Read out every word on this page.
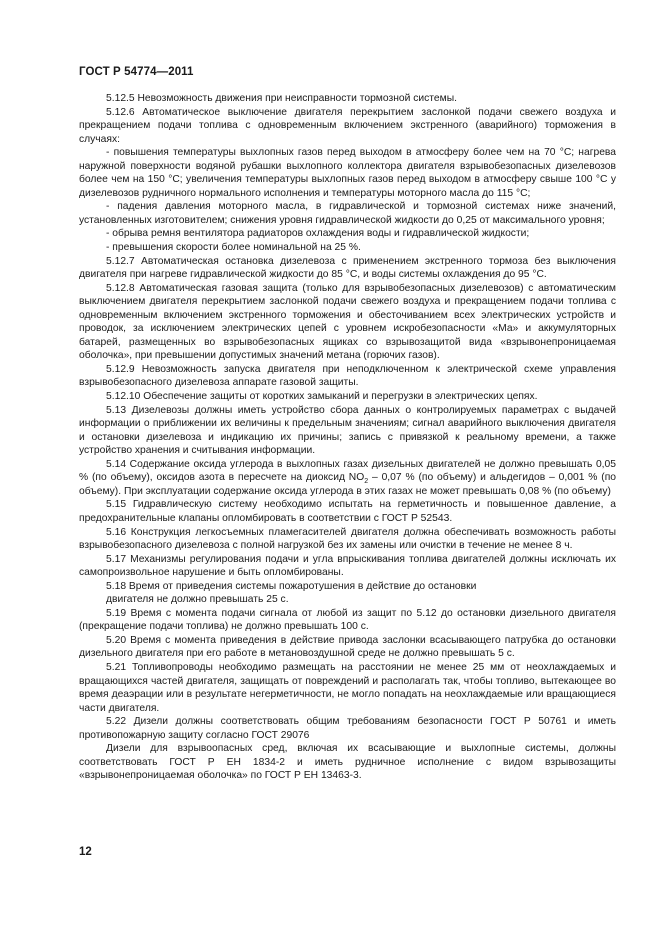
ГОСТ Р 54774—2011

5.12.5 Невозможность движения при неисправности тормозной системы.

5.12.6 Автоматическое выключение двигателя перекрытием заслонкой подачи свежего воздуха и прекращением подачи топлива с одновременным включением экстренного (аварийного) торможения в случаях:

- повышения температуры выхлопных газов перед выходом в атмосферу более чем на 70 °С; нагрева наружной поверхности водяной рубашки выхлопного коллектора двигателя взрывобезопасных дизелевозов более чем на 150 °С; увеличения температуры выхлопных газов перед выходом в атмосферу свыше 100 °С у дизелевозов рудничного нормального исполнения и температуры моторного масла до 115 °С;

- падения давления моторного масла, в гидравлической и тормозной системах ниже значений, установленных изготовителем; снижения уровня гидравлической жидкости до 0,25 от максимального уровня;

- обрыва ремня вентилятора радиаторов охлаждения воды и гидравлической жидкости;

- превышения скорости более номинальной на 25 %.

5.12.7 Автоматическая остановка дизелевоза с применением экстренного тормоза без выключения двигателя при нагреве гидравлической жидкости до 85 °С, и воды системы охлаждения до 95 °С.

5.12.8 Автоматическая газовая защита (только для взрывобезопасных дизелевозов) с автоматическим выключением двигателя перекрытием заслонкой подачи свежего воздуха и прекращением подачи топлива с одновременным включением экстренного торможения и обесточиванием всех электрических устройств и проводок, за исключением электрических цепей с уровнем искробезопасности «Ма» и аккумуляторных батарей, размещенных во взрывобезопасных ящиках со взрывозащитой вида «взрывонепроницаемая оболочка», при превышении допустимых значений метана (горючих газов).

5.12.9 Невозможность запуска двигателя при неподключенном к электрической схеме управления взрывобезопасного дизелевоза аппарате газовой защиты.

5.12.10 Обеспечение защиты от коротких замыканий и перегрузки в электрических цепях.

5.13 Дизелевозы должны иметь устройство сбора данных о контролируемых параметрах с выдачей информации о приближении их величины к предельным значениям; сигнал аварийного выключения двигателя и остановки дизелевоза и индикацию их причины; запись с привязкой к реальному времени, а также устройство хранения и считывания информации.

5.14 Содержание оксида углерода в выхлопных газах дизельных двигателей не должно превышать 0,05 % (по объему), оксидов азота в пересчете на диоксид $NO_2 - 0,07$ % (по объему) и альдегидов – 0,001 % (по объему). При эксплуатации содержание оксида углерода в этих газах не может превышать 0,08 % (по объему)

5.15 Гидравлическую систему необходимо испытать на герметичность и повышенное давление, а предохранительные клапаны опломбировать в соответствии с ГОСТ Р 52543.

5.16 Конструкция легкосъемных пламегасителей двигателя должна обеспечивать возможность работы взрывобезопасного дизелевоза с полной нагрузкой без их замены или очистки в течение не менее 8 ч.

5.17 Механизмы регулирования подачи и угла впрыскивания топлива двигателей должны исключать их самопроизвольное нарушение и быть опломбированы.

5.18 Время от приведения системы пожаротушения в действие до остановки

двигателя не должно превышать 25 с.

5.19 Время с момента подачи сигнала от любой из защит по 5.12 до остановки дизельного двигателя (прекращение подачи топлива) не должно превышать 100 с.

5.20 Время с момента приведения в действие привода заслонки всасывающего патрубка до остановки дизельного двигателя при его работе в метановоздушной среде не должно превышать 5 с.

5.21 Топливопроводы необходимо размещать на расстоянии не менее 25 мм от неохлаждаемых и вращающихся частей двигателя, защищать от повреждений и располагать так, чтобы топливо, вытекающее во время деаэрации или в результате негерметичности, не могло попадать на неохлаждаемые или вращающиеся части двигателя.

5.22 Дизели должны соответствовать общим требованиям безопасности ГОСТ Р 50761 и иметь противопожарную защиту согласно ГОСТ 29076

Дизели для взрывоопасных сред, включая их всасывающие и выхлопные системы, должны соответствовать ГОСТ Р ЕН 1834-2 и иметь рудничное исполнение с видом взрывозащиты «взрывонепроницаемая оболочка» по ГОСТ Р ЕН 13463-3.

12
